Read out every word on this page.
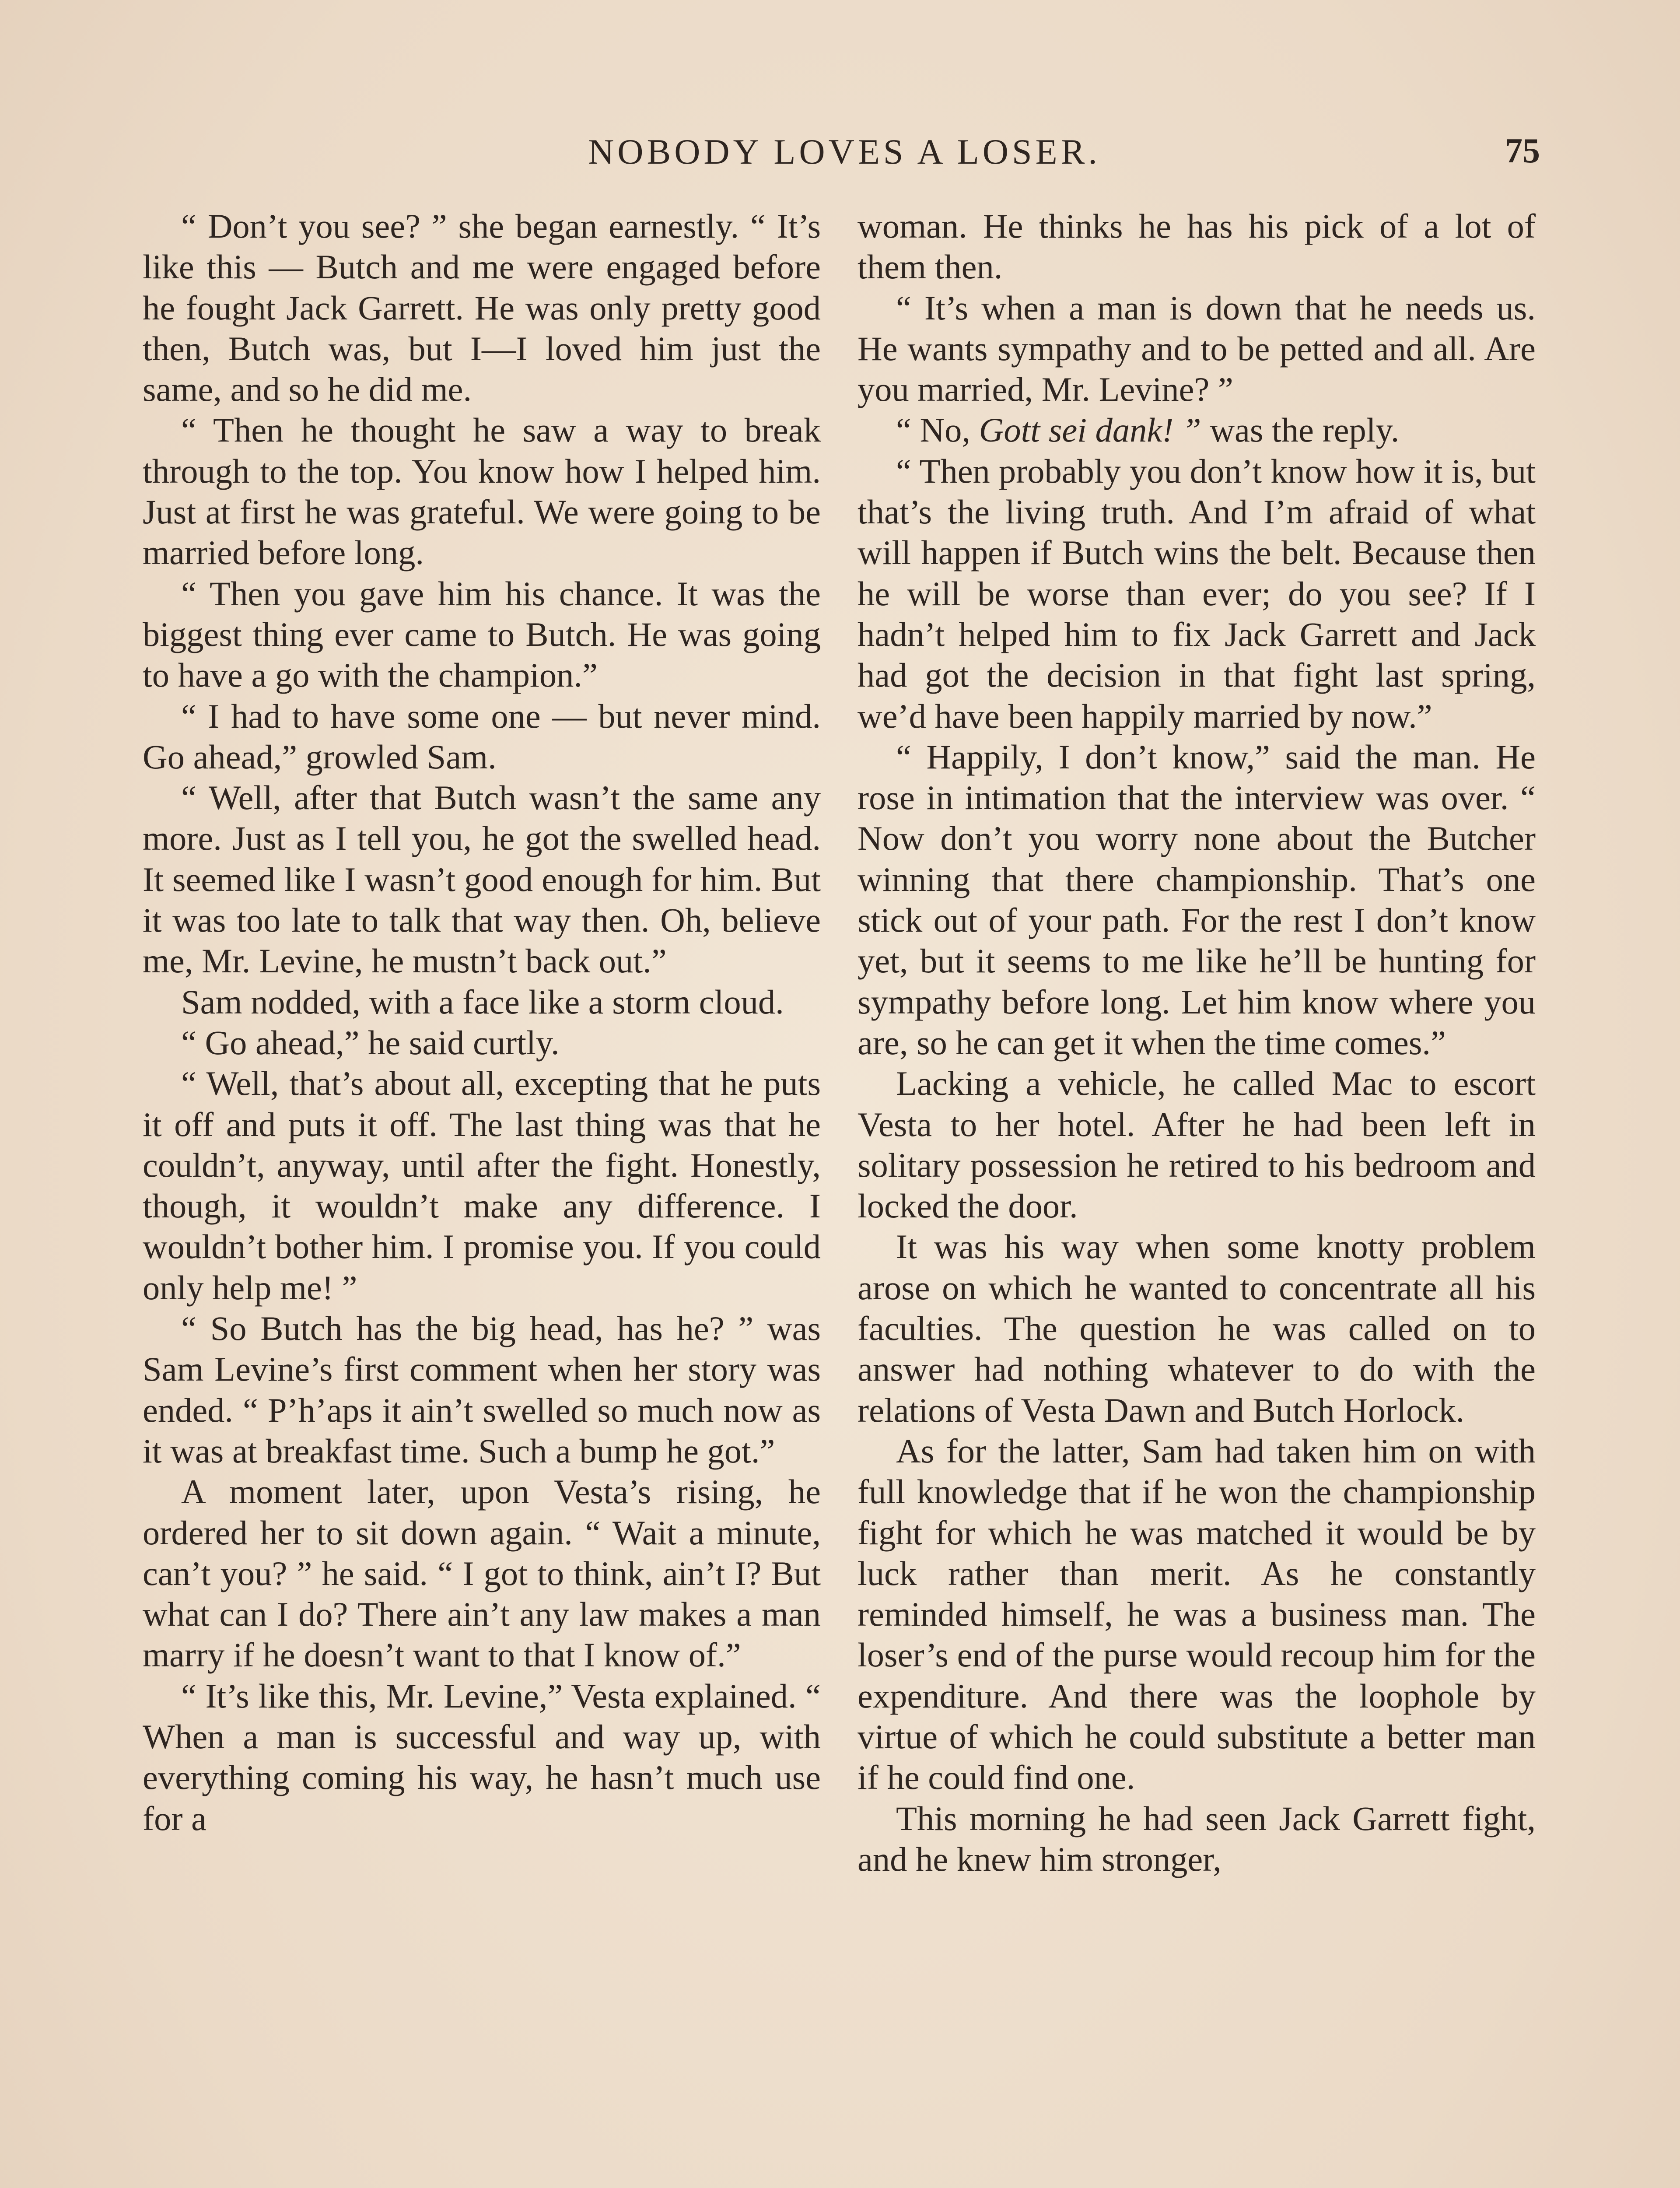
NOBODY LOVES A LOSER.	75

“ Don’t you see? ” she began earnestly. “ It’s like this — Butch and me were engaged before he fought Jack Garrett. He was only pretty good then, Butch was, but I—I loved him just the same, and so he did me.

“ Then he thought he saw a way to break through to the top. You know how I helped him. Just at first he was grateful. We were going to be married before long.

“ Then you gave him his chance. It was the biggest thing ever came to Butch. He was going to have a go with the champion.”

“ I had to have some one — but never mind. Go ahead,” growled Sam.

“ Well, after that Butch wasn’t the same any more. Just as I tell you, he got the swelled head. It seemed like I wasn’t good enough for him. But it was too late to talk that way then. Oh, believe me, Mr. Levine, he mustn’t back out.”

Sam nodded, with a face like a storm cloud.

“ Go ahead,” he said curtly.

“ Well, that’s about all, excepting that he puts it off and puts it off. The last thing was that he couldn’t, anyway, until after the fight. Honestly, though, it wouldn’t make any difference. I wouldn’t bother him. I promise you. If you could only help me! ”

“ So Butch has the big head, has he? ” was Sam Levine’s first comment when her story was ended. “ P’h’aps it ain’t swelled so much now as it was at breakfast time. Such a bump he got.”

A moment later, upon Vesta’s rising, he ordered her to sit down again. “ Wait a minute, can’t you? ” he said. “ I got to think, ain’t I? But what can I do? There ain’t any law makes a man marry if he doesn’t want to that I know of.”

“ It’s like this, Mr. Levine,” Vesta explained. “ When a man is successful and way up, with everything coming his way, he hasn’t much use for a

woman. He thinks he has his pick of a lot of them then.

“ It’s when a man is down that he needs us. He wants sympathy and to be petted and all. Are you married, Mr. Levine? ”

“ No, Gott sei dank! ” was the reply.

“ Then probably you don’t know how it is, but that’s the living truth. And I’m afraid of what will happen if Butch wins the belt. Because then he will be worse than ever; do you see? If I hadn’t helped him to fix Jack Garrett and Jack had got the decision in that fight last spring, we’d have been happily married by now.”

“ Happily, I don’t know,” said the man. He rose in intimation that the interview was over. “ Now don’t you worry none about the Butcher winning that there championship. That’s one stick out of your path. For the rest I don’t know yet, but it seems to me like he’ll be hunting for sympathy before long. Let him know where you are, so he can get it when the time comes.”

Lacking a vehicle, he called Mac to escort Vesta to her hotel. After he had been left in solitary possession he retired to his bedroom and locked the door.

It was his way when some knotty problem arose on which he wanted to concentrate all his faculties. The question he was called on to answer had nothing whatever to do with the relations of Vesta Dawn and Butch Horlock.

As for the latter, Sam had taken him on with full knowledge that if he won the championship fight for which he was matched it would be by luck rather than merit. As he constantly reminded himself, he was a business man. The loser’s end of the purse would recoup him for the expenditure. And there was the loophole by virtue of which he could substitute a better man if he could find one.

This morning he had seen Jack Garrett fight, and he knew him stronger,
